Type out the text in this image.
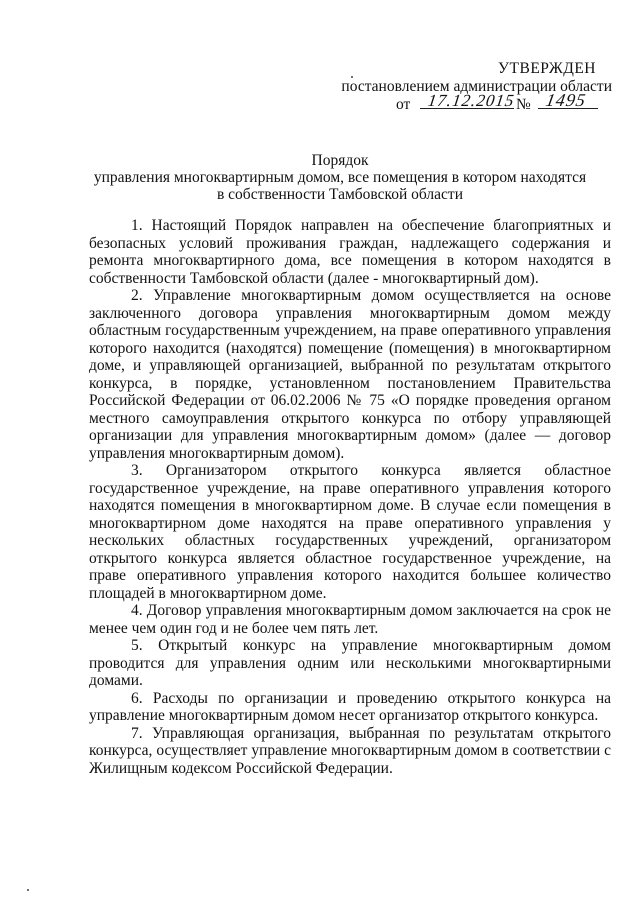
УТВЕРЖДЕН
постановлением администрации области
от 17.12.2015 № 1495
Порядок
управления многоквартирным домом, все помещения в котором находятся
в собственности Тамбовской области

1. Настоящий Порядок направлен на обеспечение благоприятных и безопасных условий проживания граждан, надлежащего содержания и ремонта многоквартирного дома, все помещения в котором находятся в собственности Тамбовской области (далее - многоквартирный дом).

2. Управление многоквартирным домом осуществляется на основе заключенного договора управления многоквартирным домом между областным государственным учреждением, на праве оперативного управления которого находится (находятся) помещение (помещения) в многоквартирном доме, и управляющей организацией, выбранной по результатам открытого конкурса, в порядке, установленном постановлением Правительства Российской Федерации от 06.02.2006 № 75 «О порядке проведения органом местного самоуправления открытого конкурса по отбору управляющей организации для управления многоквартирным домом» (далее — договор управления многоквартирным домом).

3. Организатором открытого конкурса является областное государственное учреждение, на праве оперативного управления которого находятся помещения в многоквартирном доме. В случае если помещения в многоквартирном доме находятся на праве оперативного управления у нескольких областных государственных учреждений, организатором открытого конкурса является областное государственное учреждение, на праве оперативного управления которого находится большее количество площадей в многоквартирном доме.

4. Договор управления многоквартирным домом заключается на срок не менее чем один год и не более чем пять лет.

5. Открытый конкурс на управление многоквартирным домом проводится для управления одним или несколькими многоквартирными домами.

6. Расходы по организации и проведению открытого конкурса на управление многоквартирным домом несет организатор открытого конкурса.

7. Управляющая организация, выбранная по результатам открытого конкурса, осуществляет управление многоквартирным домом в соответствии с Жилищным кодексом Российской Федерации.
